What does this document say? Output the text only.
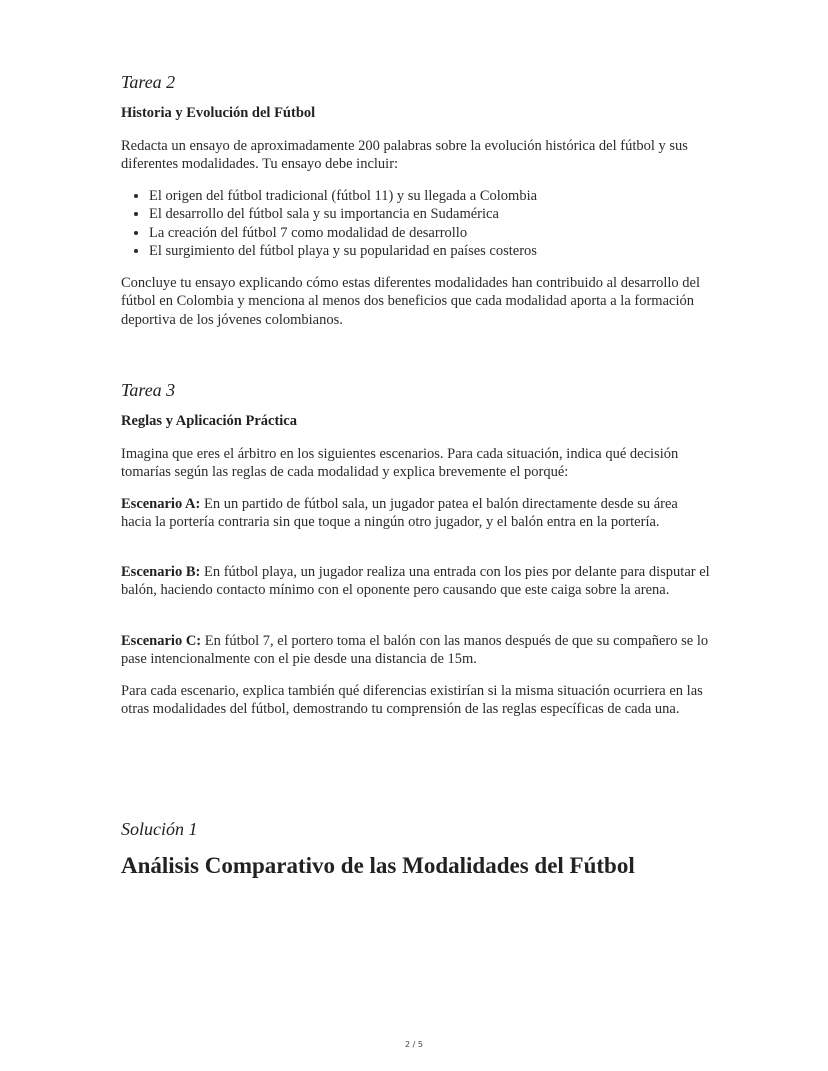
Tarea 2
Historia y Evolución del Fútbol

Redacta un ensayo de aproximadamente 200 palabras sobre la evolución histórica del fútbol y sus diferentes modalidades. Tu ensayo debe incluir:

• El origen del fútbol tradicional (fútbol 11) y su llegada a Colombia
• El desarrollo del fútbol sala y su importancia en Sudamérica
• La creación del fútbol 7 como modalidad de desarrollo
• El surgimiento del fútbol playa y su popularidad en países costeros

Concluye tu ensayo explicando cómo estas diferentes modalidades han contribuido al desarrollo del fútbol en Colombia y menciona al menos dos beneficios que cada modalidad aporta a la formación deportiva de los jóvenes colombianos.

Tarea 3
Reglas y Aplicación Práctica

Imagina que eres el árbitro en los siguientes escenarios. Para cada situación, indica qué decisión tomarías según las reglas de cada modalidad y explica brevemente el porqué:

Escenario A: En un partido de fútbol sala, un jugador patea el balón directamente desde su área hacia la portería contraria sin que toque a ningún otro jugador, y el balón entra en la portería.

Escenario B: En fútbol playa, un jugador realiza una entrada con los pies por delante para disputar el balón, haciendo contacto mínimo con el oponente pero causando que este caiga sobre la arena.

Escenario C: En fútbol 7, el portero toma el balón con las manos después de que su compañero se lo pase intencionalmente con el pie desde una distancia de 15m.

Para cada escenario, explica también qué diferencias existirían si la misma situación ocurriera en las otras modalidades del fútbol, demostrando tu comprensión de las reglas específicas de cada una.

Solución 1
Análisis Comparativo de las Modalidades del Fútbol
2 / 5
